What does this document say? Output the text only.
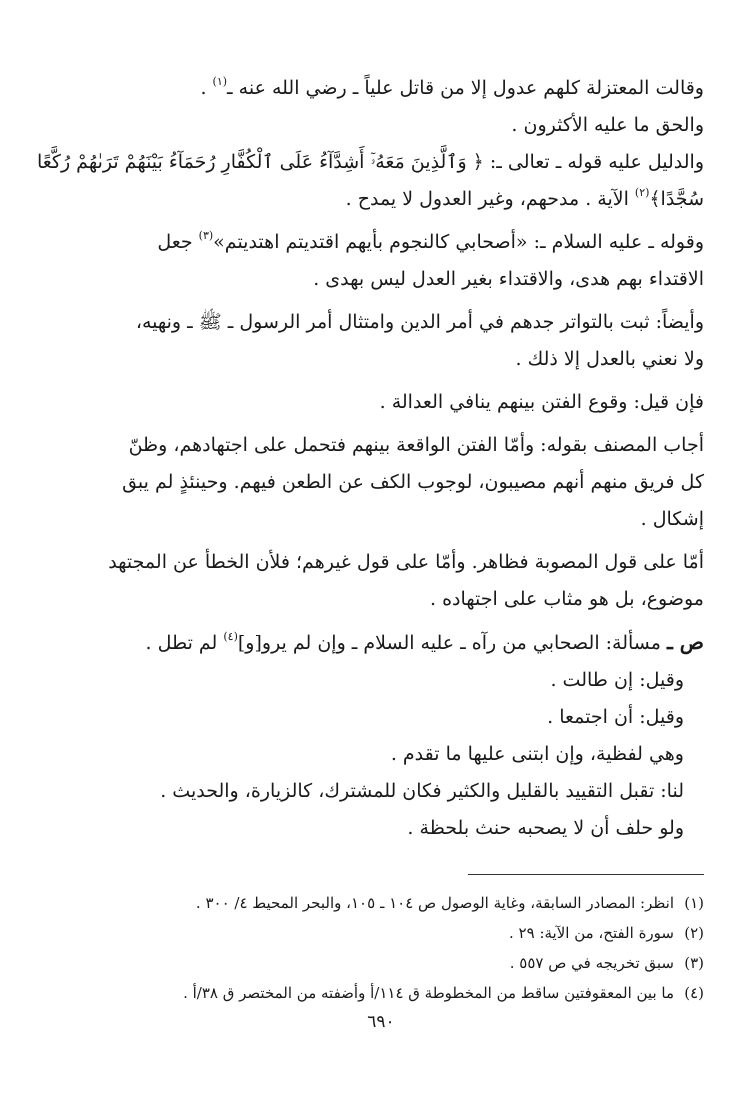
وقالت المعتزلة كلهم عدول إلا من قاتل علياً ـ رضي الله عنه ـ$^{(١)}$ .
والحق ما عليه الأكثرون .
والدليل عليه قوله ـ تعالى ـ: ﴿ وَٱلَّذِينَ مَعَهُۥٓ أَشِدَّآءُ عَلَى ٱلْكُفَّارِ رُحَمَآءُ بَيْنَهُمْ تَرَىٰهُمْ رُكَّعًا
سُجَّدًا﴾$^{(٢)}$ الآية . مدحهم، وغير العدول لا يمدح .
وقوله ـ عليه السلام ـ: «أصحابي كالنجوم بأيهم اقتديتم اهتديتم»$^{(٣)}$ جعل
الاقتداء بهم هدى، والاقتداء بغير العدل ليس بهدى .
وأيضاً: ثبت بالتواتر جدهم في أمر الدين وامتثال أمر الرسول ـ ﷺ ـ ونهيه،
ولا نعني بالعدل إلا ذلك .
فإن قيل: وقوع الفتن بينهم ينافي العدالة .
أجاب المصنف بقوله: وأمّا الفتن الواقعة بينهم فتحمل على اجتهادهم، وظنّ
كل فريق منهم أنهم مصيبون، لوجوب الكف عن الطعن فيهم. وحينئذٍ لم يبق
إشكال .
أمّا على قول المصوبة فظاهر. وأمّا على قول غيرهم؛ فلأن الخطأ عن المجتهد
موضوع، بل هو مثاب على اجتهاده .
ص ـ مسألة: الصحابي من رآه ـ عليه السلام ـ وإن لم يرو[و]$^{(٤)}$ لم تطل .
وقيل: إن طالت .
وقيل: أن اجتمعا .
وهي لفظية، وإن ابتنى عليها ما تقدم .
لنا: تقبل التقييد بالقليل والكثير فكان للمشترك، كالزيارة، والحديث .
ولو حلف أن لا يصحبه حنث بلحظة .
(١)انظر: المصادر السابقة، وغاية الوصول ص ١٠٤ ـ ١٠٥، والبحر المحيط ٤/ ٣٠٠ .
(٢)سورة الفتح، من الآية: ٢٩ .
(٣)سبق تخريجه في ص ٥٥٧ .
(٤)ما بين المعقوفتين ساقط من المخطوطة ق ١١٤/أ وأضفته من المختصر ق ٣٨/أ .
٦٩٠
